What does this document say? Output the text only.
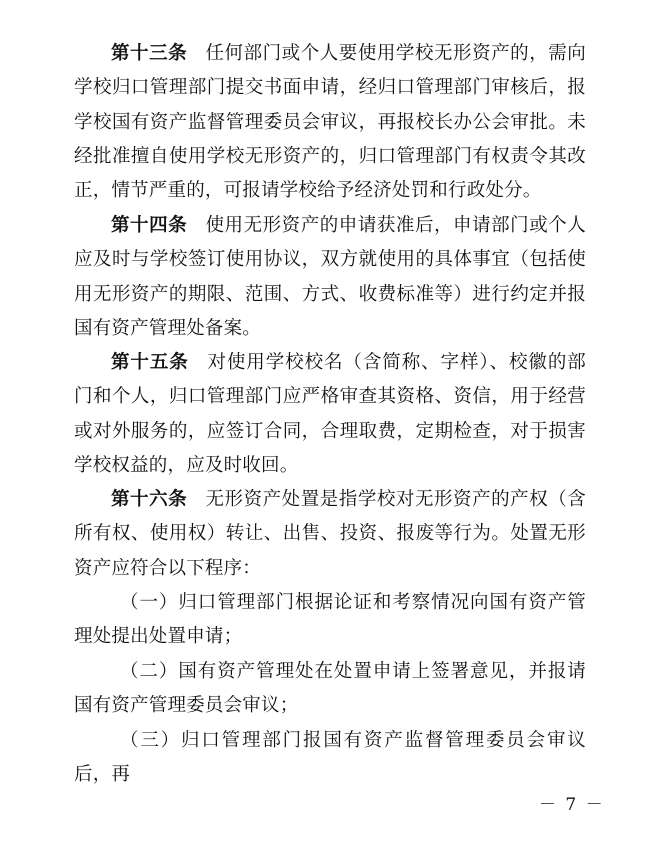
第十三条 任何部门或个人要使用学校无形资产的，需向学校归口管理部门提交书面申请，经归口管理部门审核后，报学校国有资产监督管理委员会审议，再报校长办公会审批。未经批准擅自使用学校无形资产的，归口管理部门有权责令其改正，情节严重的，可报请学校给予经济处罚和行政处分。

第十四条 使用无形资产的申请获准后，申请部门或个人应及时与学校签订使用协议，双方就使用的具体事宜（包括使用无形资产的期限、范围、方式、收费标准等）进行约定并报国有资产管理处备案。

第十五条 对使用学校校名（含简称、字样）、校徽的部门和个人，归口管理部门应严格审查其资格、资信，用于经营或对外服务的，应签订合同，合理取费，定期检查，对于损害学校权益的，应及时收回。

第十六条 无形资产处置是指学校对无形资产的产权（含所有权、使用权）转让、出售、投资、报废等行为。处置无形资产应符合以下程序：

（一）归口管理部门根据论证和考察情况向国有资产管理处提出处置申请；

（二）国有资产管理处在处置申请上签署意见，并报请国有资产管理委员会审议；

（三）归口管理部门报国有资产监督管理委员会审议后，再

－ 7 －
